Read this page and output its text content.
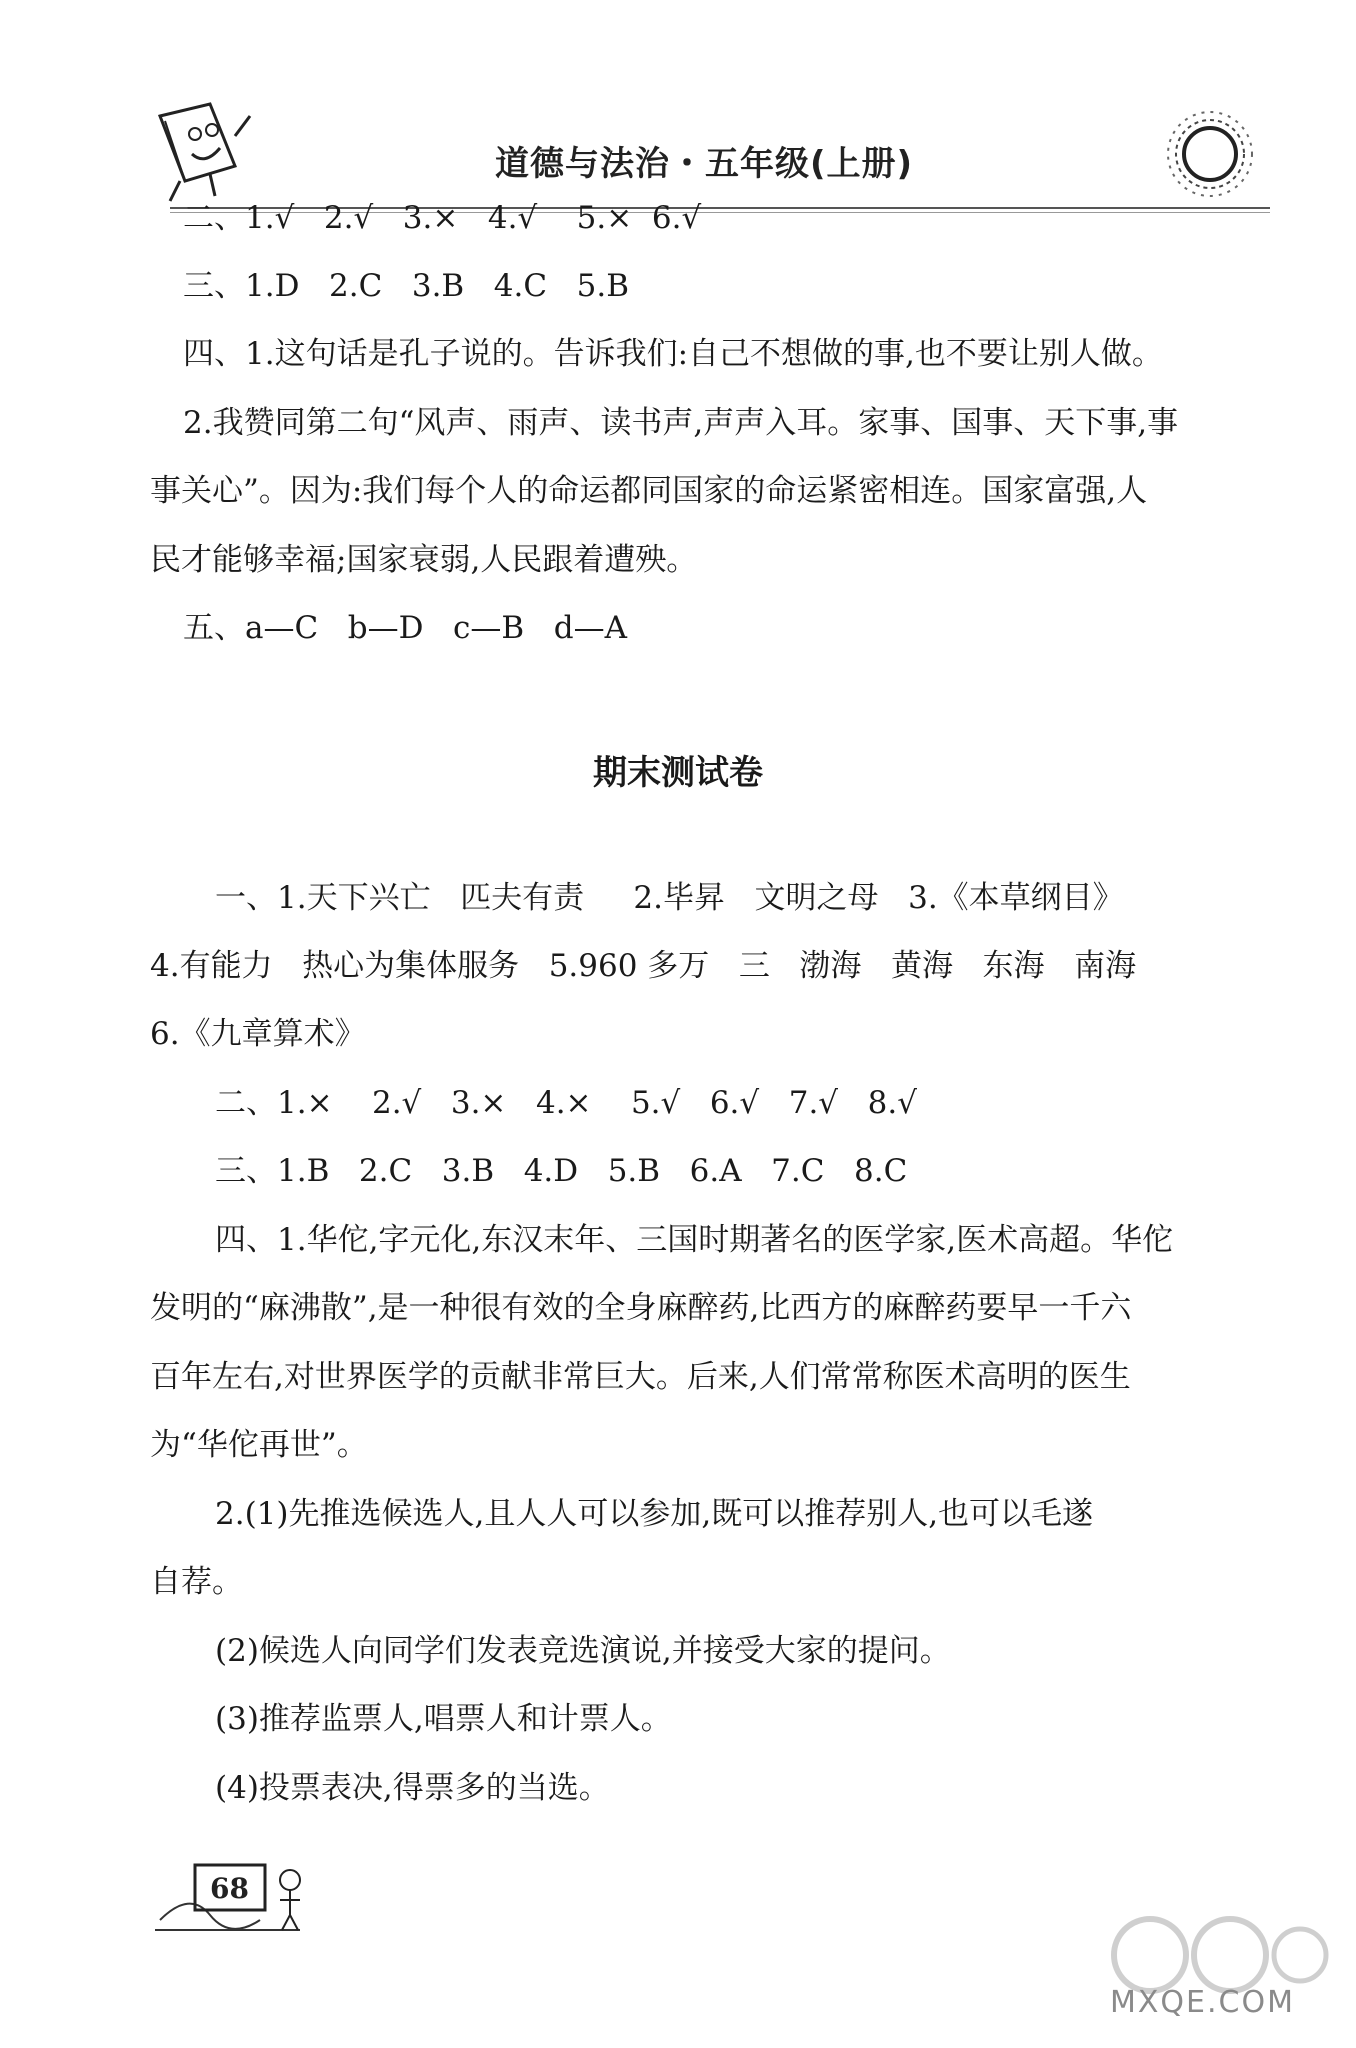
道德与法治・五年级(上册)
二、1.√   2.√   3.×   4.√    5.×  6.√
三、1.D   2.C   3.B   4.C   5.B
四、1.这句话是孔子说的。告诉我们:自己不想做的事,也不要让别人做。
2.我赞同第二句“风声、雨声、读书声,声声入耳。家事、国事、天下事,事
事关心”。因为:我们每个人的命运都同国家的命运紧密相连。国家富强,人
民才能够幸福;国家衰弱,人民跟着遭殃。
五、a—C   b—D   c—B   d—A
期末测试卷
一、1.天下兴亡   匹夫有责     2.毕昇   文明之母   3.《本草纲目》
4.有能力   热心为集体服务   5.960 多万   三   渤海   黄海   东海   南海
6.《九章算术》
二、1.×    2.√   3.×   4.×    5.√   6.√   7.√   8.√
三、1.B   2.C   3.B   4.D   5.B   6.A   7.C   8.C
四、1.华佗,字元化,东汉末年、三国时期著名的医学家,医术高超。华佗
发明的“麻沸散”,是一种很有效的全身麻醉药,比西方的麻醉药要早一千六
百年左右,对世界医学的贡献非常巨大。后来,人们常常称医术高明的医生
为“华佗再世”。
2.(1)先推选候选人,且人人可以参加,既可以推荐别人,也可以毛遂
自荐。
(2)候选人向同学们发表竞选演说,并接受大家的提问。
(3)推荐监票人,唱票人和计票人。
(4)投票表决,得票多的当选。
68
MXQE.COM
